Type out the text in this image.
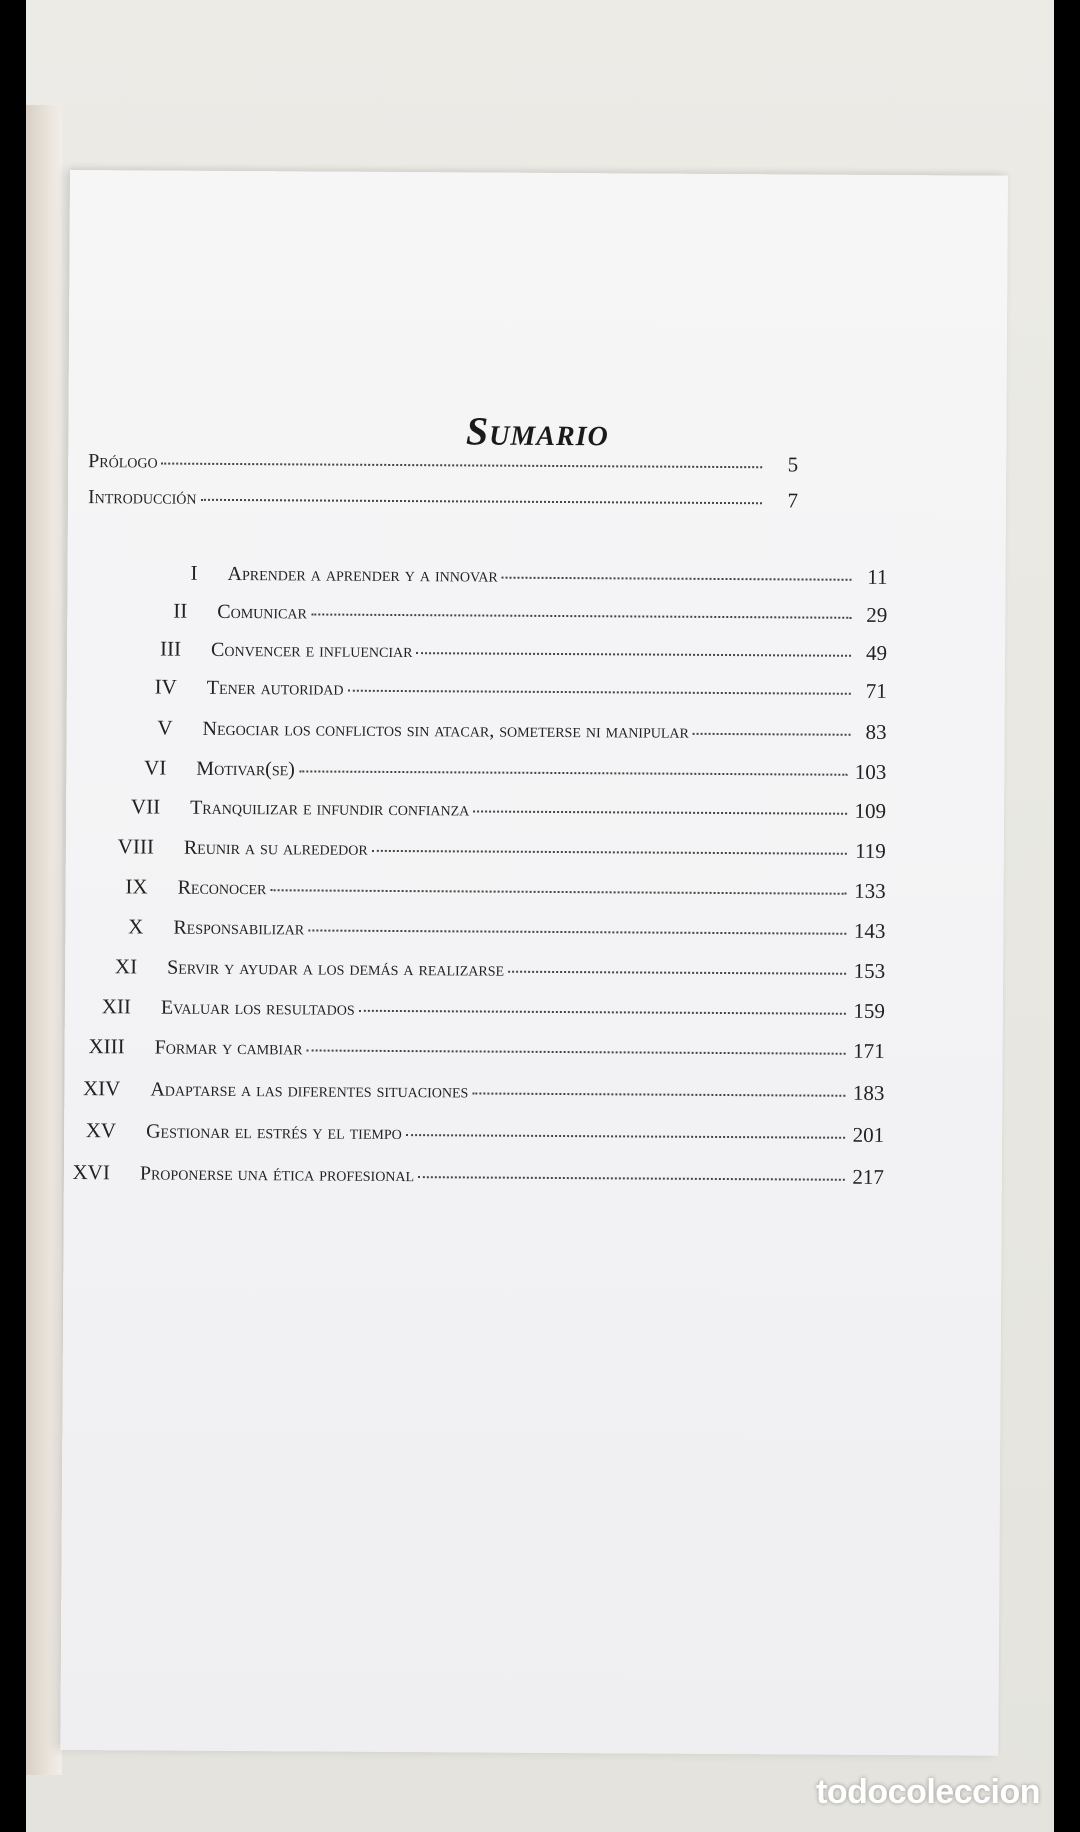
Sumario
Prólogo	5
Introducción	7
I Aprender a aprender y a innovar	11
II Comunicar	29
III Convencer e influenciar	49
IV Tener autoridad	71
V Negociar los conflictos sin atacar, someterse ni manipular	83
VI Motivar(se)	103
VII Tranquilizar e infundir confianza	109
VIII Reunir a su alrededor	119
IX Reconocer	133
X Responsabilizar	143
XI Servir y ayudar a los demás a realizarse	153
XII Evaluar los resultados	159
XIII Formar y cambiar	171
XIV Adaptarse a las diferentes situaciones	183
XV Gestionar el estrés y el tiempo	201
XVI Proponerse una ética profesional	217
todocoleccion
